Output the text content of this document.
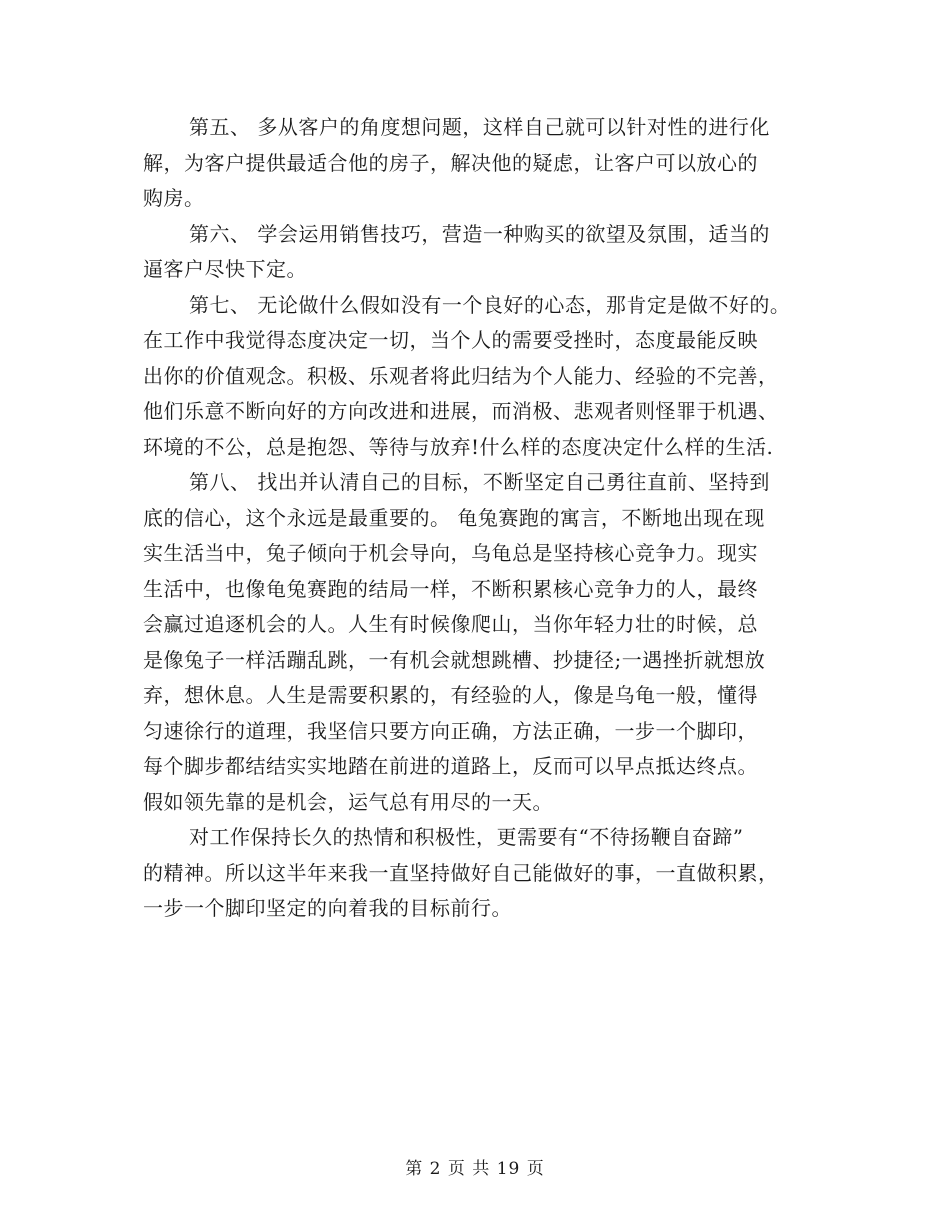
第五、 多从客户的角度想问题，这样自己就可以针对性的进行化
解，为客户提供最适合他的房子，解决他的疑虑，让客户可以放心的
购房。
第六、 学会运用销售技巧，营造一种购买的欲望及氛围，适当的
逼客户尽快下定。
第七、 无论做什么假如没有一个良好的心态，那肯定是做不好的。
在工作中我觉得态度决定一切，当个人的需要受挫时，态度最能反映
出你的价值观念。积极、乐观者将此归结为个人能力、经验的不完善，
他们乐意不断向好的方向改进和进展，而消极、悲观者则怪罪于机遇、
环境的不公，总是抱怨、等待与放弃!什么样的态度决定什么样的生活.
第八、 找出并认清自己的目标，不断坚定自己勇往直前、坚持到
底的信心，这个永远是最重要的。 龟兔赛跑的寓言，不断地出现在现
实生活当中，兔子倾向于机会导向，乌龟总是坚持核心竞争力。现实
生活中，也像龟兔赛跑的结局一样，不断积累核心竞争力的人，最终
会赢过追逐机会的人。人生有时候像爬山，当你年轻力壮的时候，总
是像兔子一样活蹦乱跳，一有机会就想跳槽、抄捷径;一遇挫折就想放
弃，想休息。人生是需要积累的，有经验的人，像是乌龟一般，懂得
匀速徐行的道理，我坚信只要方向正确，方法正确，一步一个脚印，
每个脚步都结结实实地踏在前进的道路上，反而可以早点抵达终点。
假如领先靠的是机会，运气总有用尽的一天。
对工作保持长久的热情和积极性，更需要有“不待扬鞭自奋蹄”
的精神。所以这半年来我一直坚持做好自己能做好的事，一直做积累，
一步一个脚印坚定的向着我的目标前行。
第 2 页 共 19 页
